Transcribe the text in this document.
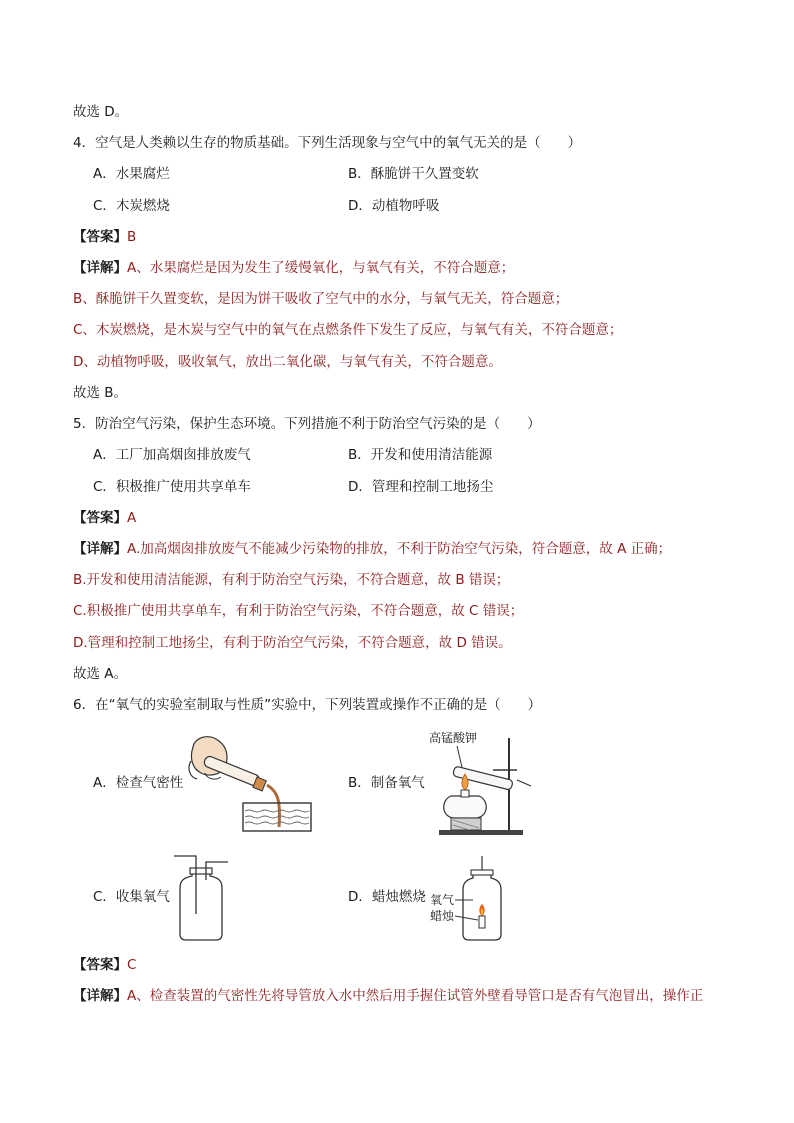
故选 D。
4．空气是人类赖以生存的物质基础。下列生活现象与空气中的氧气无关的是（　　）
A．水果腐烂	B．酥脆饼干久置变软
C．木炭燃烧	D．动植物呼吸
【答案】B
【详解】A、水果腐烂是因为发生了缓慢氧化，与氧气有关，不符合题意；
B、酥脆饼干久置变软，是因为饼干吸收了空气中的水分，与氧气无关，符合题意；
C、木炭燃烧，是木炭与空气中的氧气在点燃条件下发生了反应，与氧气有关，不符合题意；
D、动植物呼吸，吸收氧气，放出二氧化碳，与氧气有关，不符合题意。
故选 B。
5．防治空气污染，保护生态环境。下列措施不利于防治空气污染的是（　　）
A．工厂加高烟囱排放废气	B．开发和使用清洁能源
C．积极推广使用共享单车	D．管理和控制工地扬尘
【答案】A
【详解】A.加高烟囱排放废气不能减少污染物的排放，不利于防治空气污染，符合题意，故 A 正确；
B.开发和使用清洁能源，有利于防治空气污染，不符合题意，故 B 错误；
C.积极推广使用共享单车，有利于防治空气污染，不符合题意，故 C 错误；
D.管理和控制工地扬尘，有利于防治空气污染，不符合题意，故 D 错误。
故选 A。
6．在“氧气的实验室制取与性质”实验中，下列装置或操作不正确的是（　　）
A．检查气密性	B．制备氧气
高锰酸钾
C．收集氧气	D．蜡烛燃烧 氧气
蜡烛
【答案】C
【详解】A、检查装置的气密性先将导管放入水中然后用手握住试管外壁看导管口是否有气泡冒出，操作正
